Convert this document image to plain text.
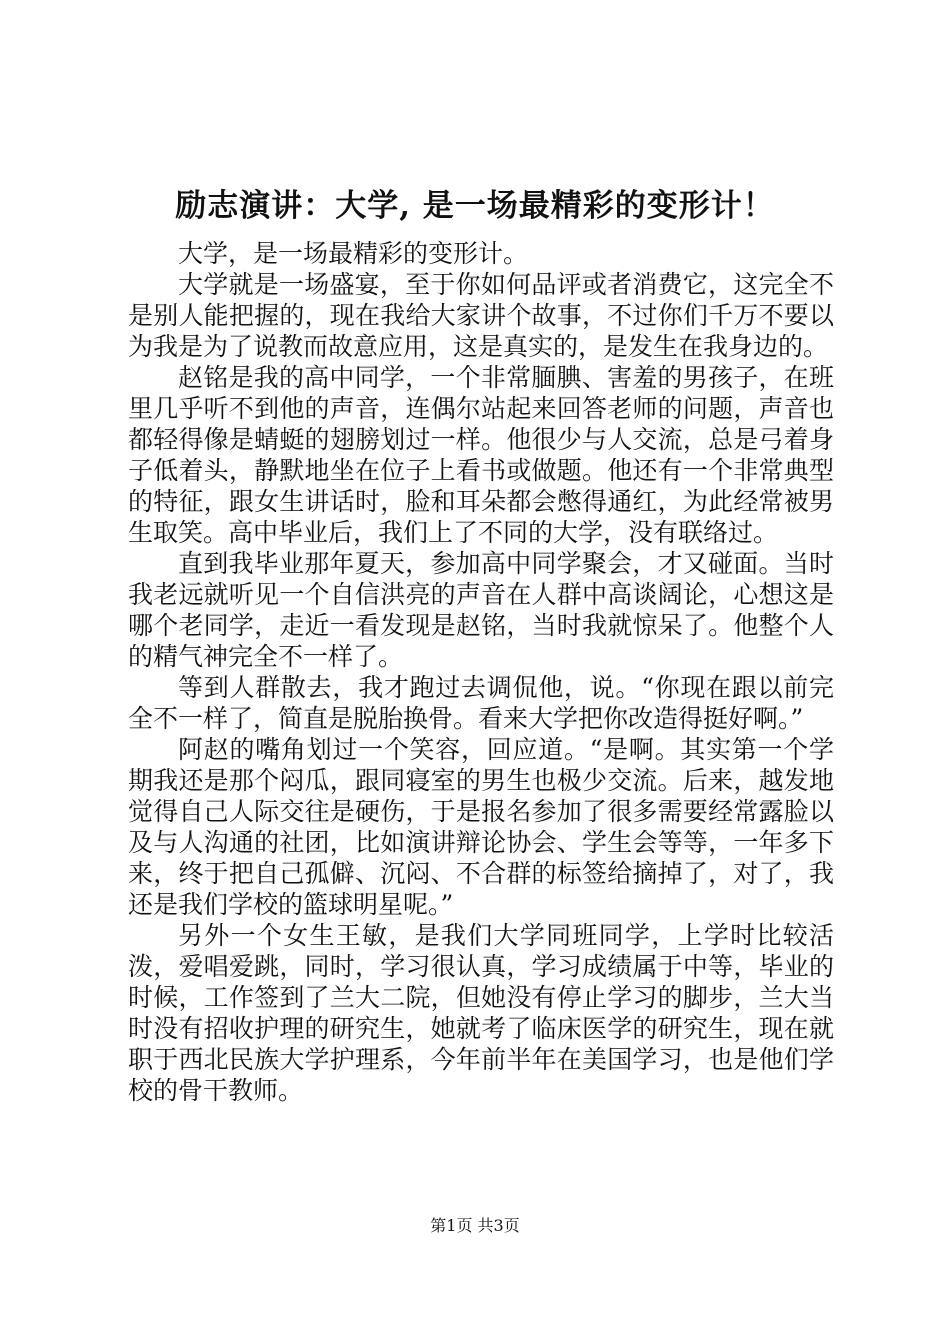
励志演讲：大学, 是一场最精彩的变形计！

大学，是一场最精彩的变形计。

大学就是一场盛宴，至于你如何品评或者消费它，这完全不是别人能把握的，现在我给大家讲个故事，不过你们千万不要以为我是为了说教而故意应用，这是真实的，是发生在我身边的。

赵铭是我的高中同学，一个非常腼腆、害羞的男孩子，在班里几乎听不到他的声音，连偶尔站起来回答老师的问题，声音也都轻得像是蜻蜓的翅膀划过一样。他很少与人交流，总是弓着身子低着头，静默地坐在位子上看书或做题。他还有一个非常典型的特征，跟女生讲话时，脸和耳朵都会憋得通红，为此经常被男生取笑。高中毕业后，我们上了不同的大学，没有联络过。

直到我毕业那年夏天，参加高中同学聚会，才又碰面。当时我老远就听见一个自信洪亮的声音在人群中高谈阔论，心想这是哪个老同学，走近一看发现是赵铭，当时我就惊呆了。他整个人的精气神完全不一样了。

等到人群散去，我才跑过去调侃他，说。“你现在跟以前完全不一样了，简直是脱胎换骨。看来大学把你改造得挺好啊。”

阿赵的嘴角划过一个笑容，回应道。“是啊。其实第一个学期我还是那个闷瓜，跟同寝室的男生也极少交流。后来，越发地觉得自己人际交往是硬伤，于是报名参加了很多需要经常露脸以及与人沟通的社团，比如演讲辩论协会、学生会等等，一年多下来，终于把自己孤僻、沉闷、不合群的标签给摘掉了，对了，我还是我们学校的篮球明星呢。”

另外一个女生王敏，是我们大学同班同学，上学时比较活泼，爱唱爱跳，同时，学习很认真，学习成绩属于中等，毕业的时候，工作签到了兰大二院，但她没有停止学习的脚步，兰大当时没有招收护理的研究生，她就考了临床医学的研究生，现在就职于西北民族大学护理系，今年前半年在美国学习，也是他们学校的骨干教师。

第1页 共3页
